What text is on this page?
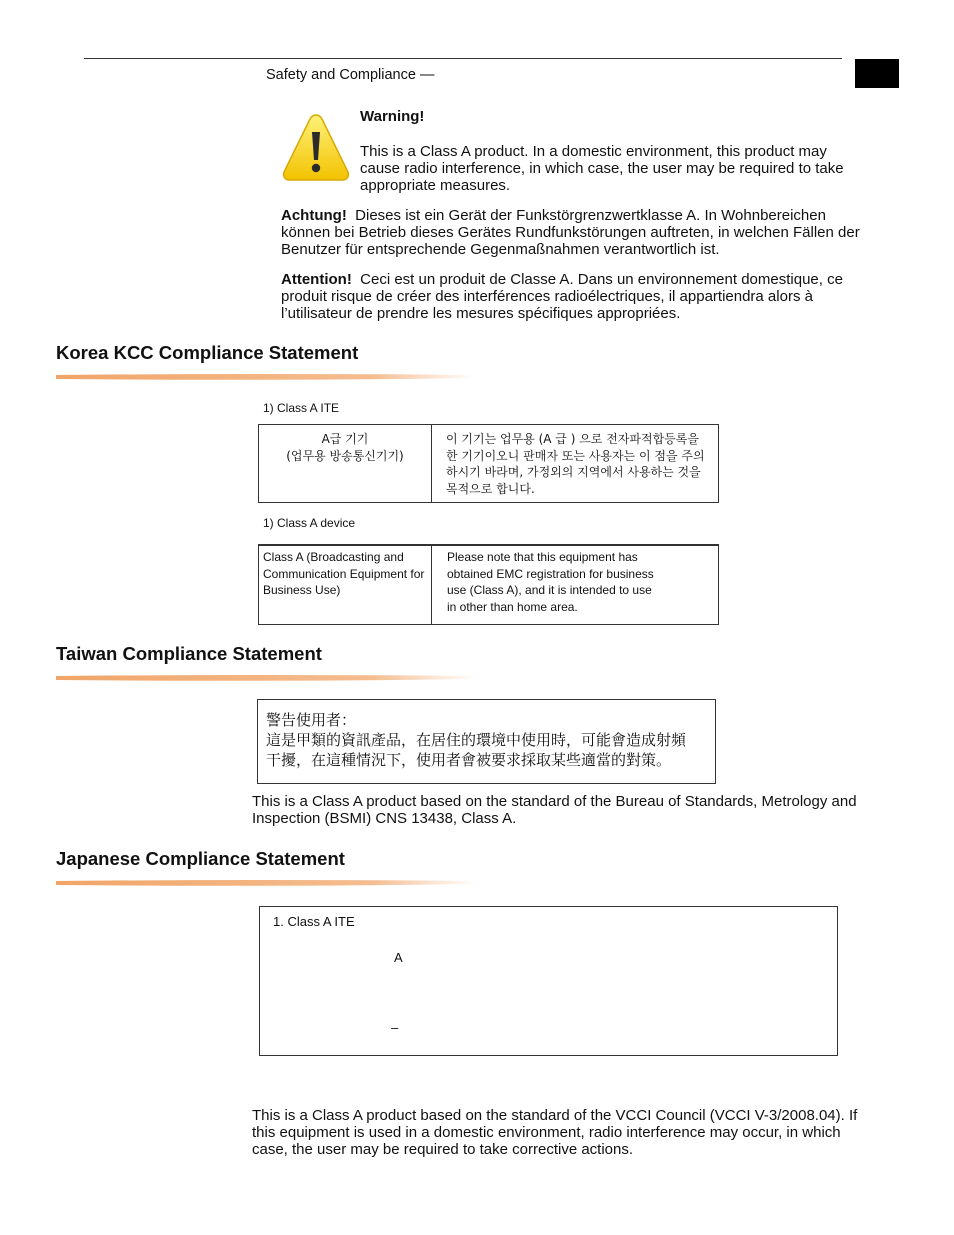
Safety and Compliance —
Warning!
This is a Class A product. In a domestic environment, this product may cause radio interference, in which case, the user may be required to take appropriate measures.
Achtung! Dieses ist ein Gerät der Funkstörgrenzwertklasse A. In Wohnbereichen können bei Betrieb dieses Gerätes Rundfunkstörungen auftreten, in welchen Fällen der Benutzer für entsprechende Gegenmaßnahmen verantwortlich ist.
Attention! Ceci est un produit de Classe A. Dans un environnement domestique, ce produit risque de créer des interférences radioélectriques, il appartiendra alors à l’utilisateur de prendre les mesures spécifiques appropriées.
Korea KCC Compliance Statement
1) Class A ITE
A급 기기
(업무용 방송통신기기)
이 기기는 업무용 (A 급 ) 으로 전자파적합등록을 한 기기이오니 판매자 또는 사용자는 이 점을 주의하시기 바라며, 가정외의 지역에서 사용하는 것을 목적으로 합니다.
1) Class A device
Class A (Broadcasting and Communication Equipment for Business Use)
Please note that this equipment has obtained EMC registration for business use (Class A), and it is intended to use in other than home area.
Taiwan Compliance Statement
警告使用者：
這是甲類的資訊產品，在居住的環境中使用時，可能會造成射頻
干擾，在這種情況下，使用者會被要求採取某些適當的對策。
This is a Class A product based on the standard of the Bureau of Standards, Metrology and Inspection (BSMI) CNS 13438, Class A.
Japanese Compliance Statement
1. Class A ITE
A
–
This is a Class A product based on the standard of the VCCI Council (VCCI V-3/2008.04). If this equipment is used in a domestic environment, radio interference may occur, in which case, the user may be required to take corrective actions.
